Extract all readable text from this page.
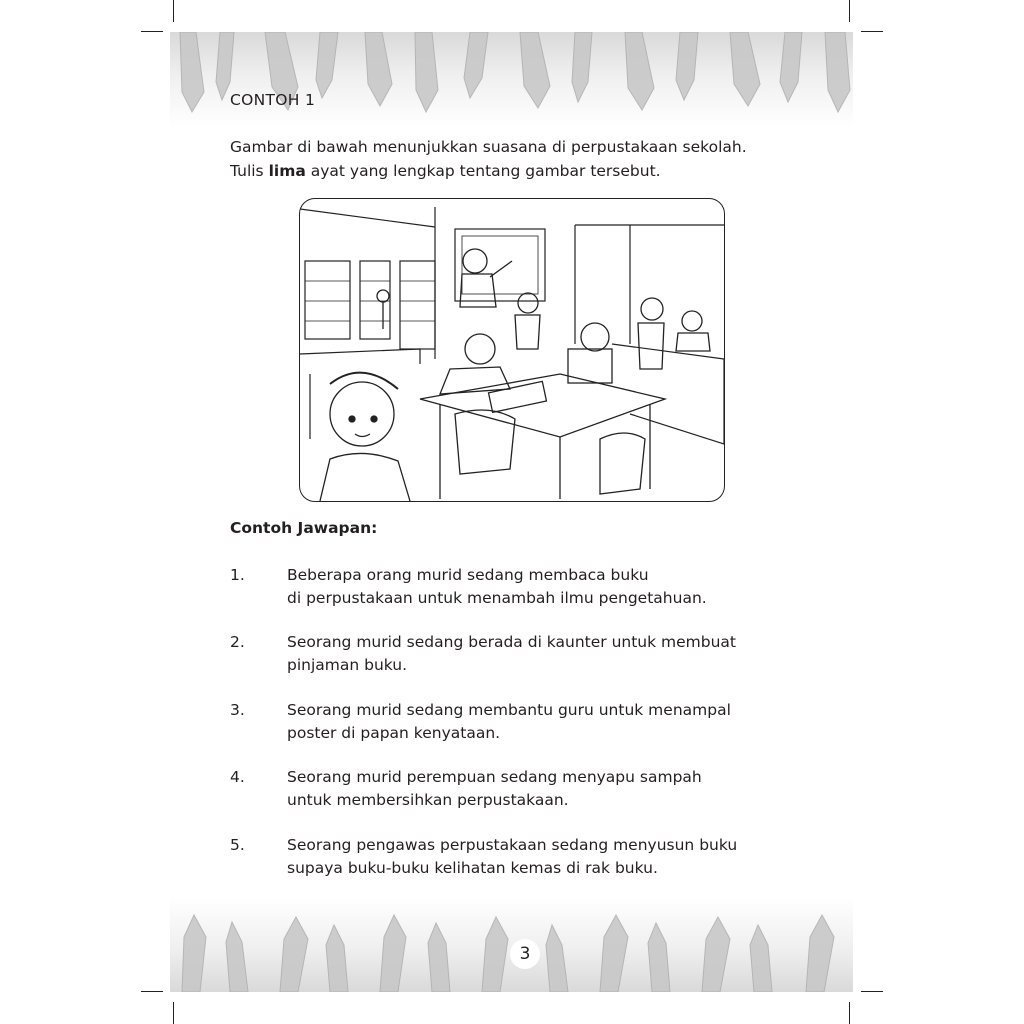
CONTOH 1
Gambar di bawah menunjukkan suasana di perpustakaan sekolah.
Tulis lima ayat yang lengkap tentang gambar tersebut.
Contoh Jawapan:
1.	Beberapa orang murid sedang membaca buku
di perpustakaan untuk menambah ilmu pengetahuan.
2.	Seorang murid sedang berada di kaunter untuk membuat
pinjaman buku.
3.	Seorang murid sedang membantu guru untuk menampal
poster di papan kenyataan.
4.	Seorang murid perempuan sedang menyapu sampah
untuk membersihkan perpustakaan.
5.	Seorang pengawas perpustakaan sedang menyusun buku
supaya buku-buku kelihatan kemas di rak buku.
3
